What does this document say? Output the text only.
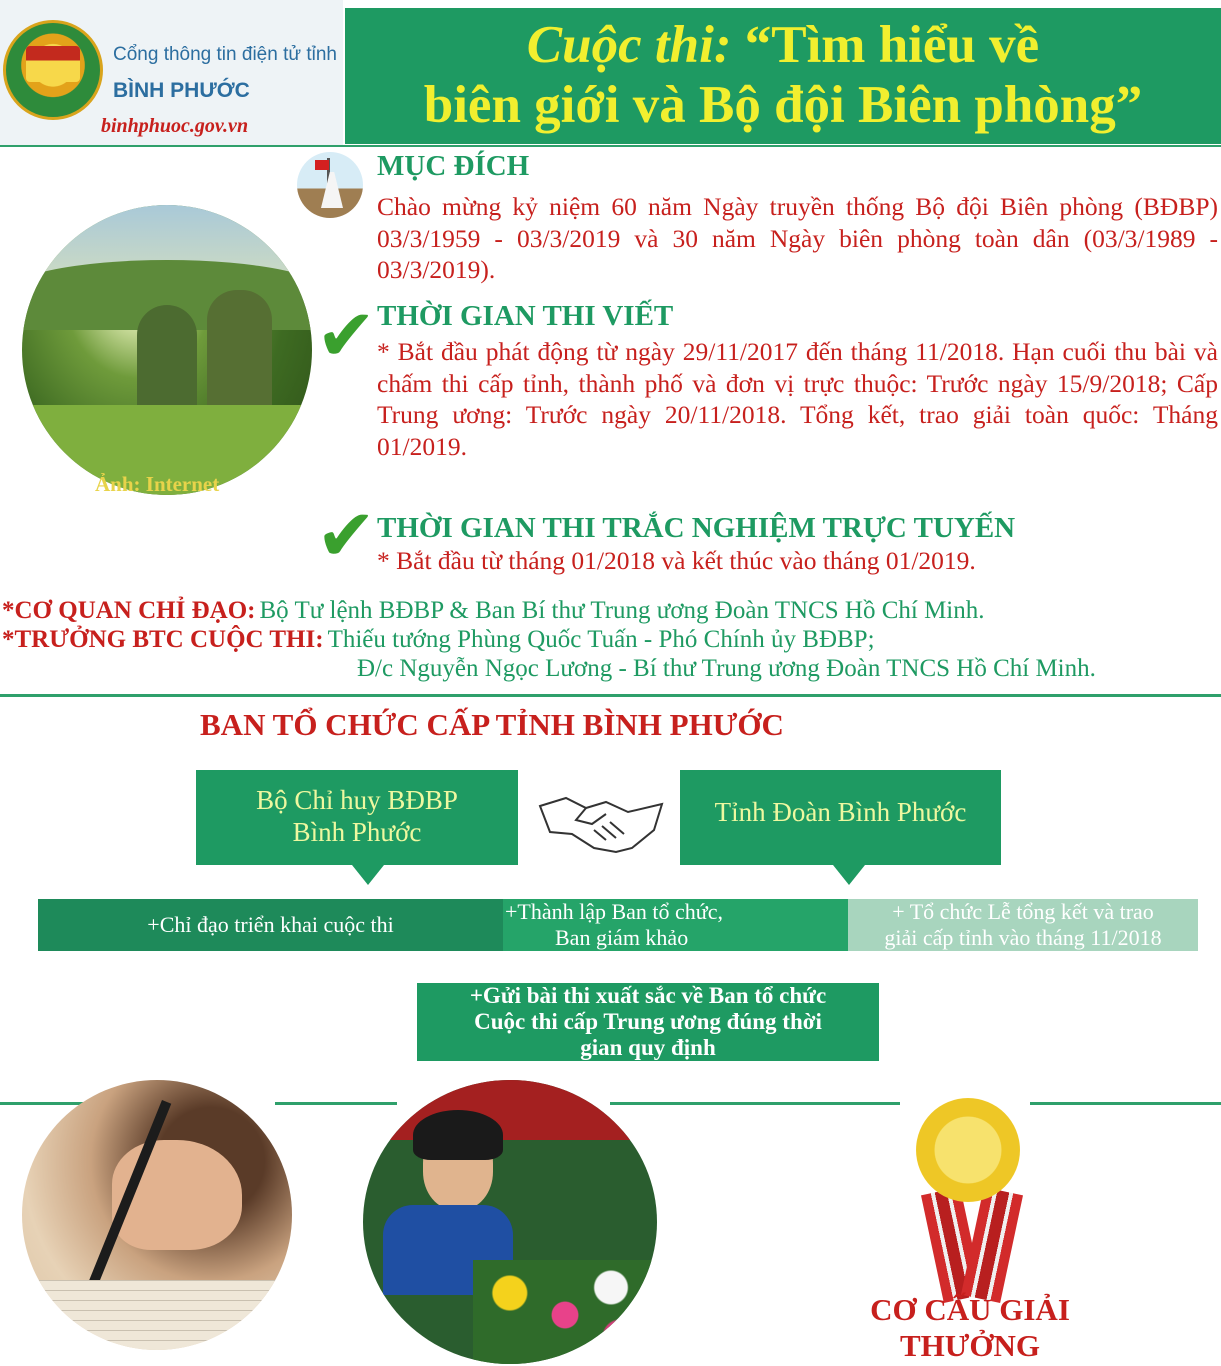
Cổng thông tin điện tử tỉnh
BÌNH PHƯỚC
binhphuoc.gov.vn
Cuộc thi: “Tìm hiểu về
biên giới và Bộ đội Biên phòng”
MỤC ĐÍCH
Chào mừng kỷ niệm 60 năm Ngày truyền thống Bộ đội Biên phòng (BĐBP) 03/3/1959 - 03/3/2019 và 30 năm Ngày biên phòng toàn dân (03/3/1989 - 03/3/2019).
Ảnh: Internet
✔ THỜI GIAN THI VIẾT
* Bắt đầu phát động từ ngày 29/11/2017 đến tháng 11/2018. Hạn cuối thu bài và chấm thi cấp tỉnh, thành phố và đơn vị trực thuộc: Trước ngày 15/9/2018; Cấp Trung ương: Trước ngày 20/11/2018. Tổng kết, trao giải toàn quốc: Tháng 01/2019.
✔ THỜI GIAN THI TRẮC NGHIỆM TRỰC TUYẾN
* Bắt đầu từ tháng 01/2018 và kết thúc vào tháng 01/2019.
*CƠ QUAN CHỈ ĐẠO: Bộ Tư lệnh BĐBP & Ban Bí thư Trung ương Đoàn TNCS Hồ Chí Minh.
*TRƯỞNG BTC CUỘC THI: Thiếu tướng Phùng Quốc Tuấn - Phó Chính ủy BĐBP;
Đ/c Nguyễn Ngọc Lương - Bí thư Trung ương Đoàn TNCS Hồ Chí Minh.
BAN TỔ CHỨC CẤP TỈNH BÌNH PHƯỚC
Bộ Chỉ huy BĐBP
Bình Phước
Tỉnh Đoàn Bình Phước
+Chỉ đạo triển khai cuộc thi
+Thành lập Ban tổ chức,
Ban giám khảo
+ Tổ chức Lễ tổng kết và trao
giải cấp tỉnh vào tháng 11/2018
+Gửi bài thi xuất sắc về Ban tổ chức
Cuộc thi cấp Trung ương đúng thời
gian quy định
CƠ CẤU GIẢI
THƯỞNG
